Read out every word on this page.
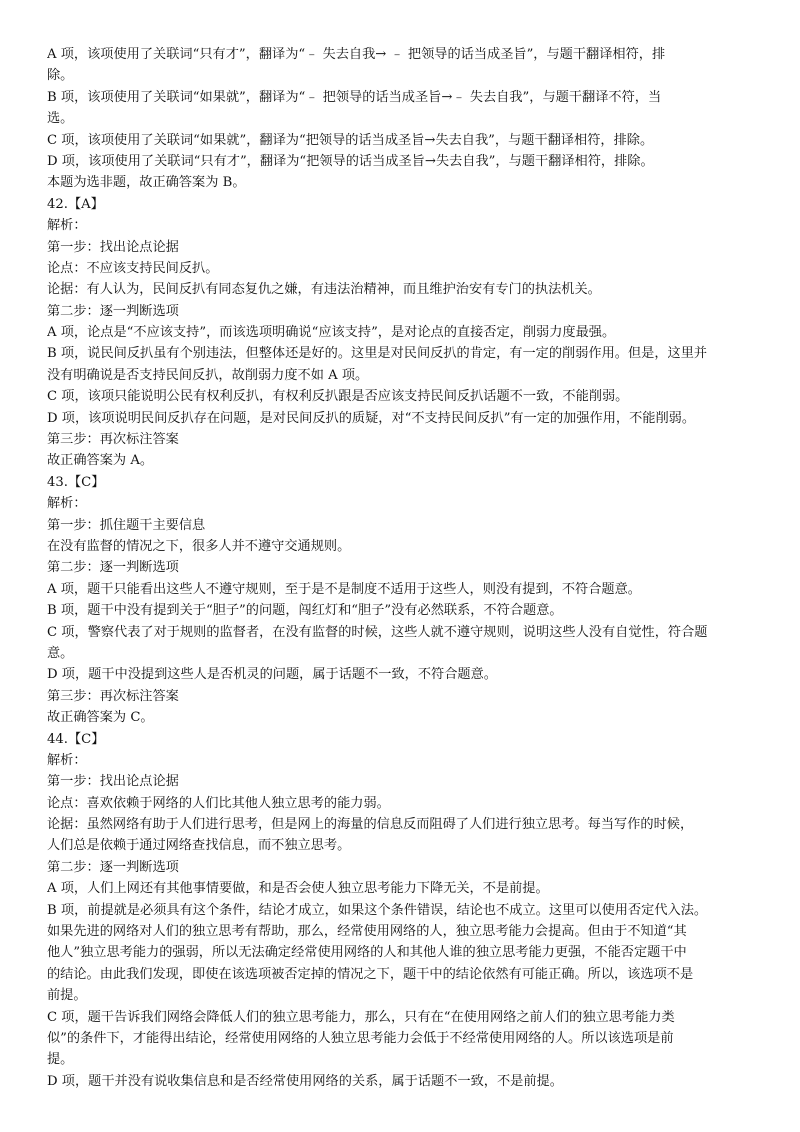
A 项，该项使用了关联词“只有才”，翻译为“﹣ 失去自我→ ﹣ 把领导的话当成圣旨”，与题干翻译相符，排
除。
B 项，该项使用了关联词“如果就”，翻译为“﹣ 把领导的话当成圣旨→﹣ 失去自我”，与题干翻译不符，当
选。
C 项，该项使用了关联词“如果就”，翻译为“把领导的话当成圣旨→失去自我”，与题干翻译相符，排除。
D 项，该项使用了关联词“只有才”，翻译为“把领导的话当成圣旨→失去自我”，与题干翻译相符，排除。
本题为选非题，故正确答案为 B。
42.【A】
解析：
第一步：找出论点论据
论点：不应该支持民间反扒。
论据：有人认为，民间反扒有同态复仇之嫌，有违法治精神，而且维护治安有专门的执法机关。
第二步：逐一判断选项
A 项，论点是“不应该支持”，而该选项明确说“应该支持”，是对论点的直接否定，削弱力度最强。
B 项，说民间反扒虽有个别违法，但整体还是好的。这里是对民间反扒的肯定，有一定的削弱作用。但是，这里并
没有明确说是否支持民间反扒，故削弱力度不如 A 项。
C 项，该项只能说明公民有权利反扒，有权利反扒跟是否应该支持民间反扒话题不一致，不能削弱。
D 项，该项说明民间反扒存在问题，是对民间反扒的质疑，对“不支持民间反扒”有一定的加强作用，不能削弱。
第三步：再次标注答案
故正确答案为 A。
43.【C】
解析：
第一步：抓住题干主要信息
在没有监督的情况之下，很多人并不遵守交通规则。
第二步：逐一判断选项
A 项，题干只能看出这些人不遵守规则，至于是不是制度不适用于这些人，则没有提到，不符合题意。
B 项，题干中没有提到关于“胆子”的问题，闯红灯和“胆子”没有必然联系，不符合题意。
C 项，警察代表了对于规则的监督者，在没有监督的时候，这些人就不遵守规则，说明这些人没有自觉性，符合题
意。
D 项，题干中没提到这些人是否机灵的问题，属于话题不一致，不符合题意。
第三步：再次标注答案
故正确答案为 C。
44.【C】
解析：
第一步：找出论点论据
论点：喜欢依赖于网络的人们比其他人独立思考的能力弱。
论据：虽然网络有助于人们进行思考，但是网上的海量的信息反而阻碍了人们进行独立思考。每当写作的时候，
人们总是依赖于通过网络查找信息，而不独立思考。
第二步：逐一判断选项
A 项，人们上网还有其他事情要做，和是否会使人独立思考能力下降无关，不是前提。
B 项，前提就是必须具有这个条件，结论才成立，如果这个条件错误，结论也不成立。这里可以使用否定代入法。
如果先进的网络对人们的独立思考有帮助，那么，经常使用网络的人，独立思考能力会提高。但由于不知道“其
他人”独立思考能力的强弱，所以无法确定经常使用网络的人和其他人谁的独立思考能力更强，不能否定题干中
的结论。由此我们发现，即使在该选项被否定掉的情况之下，题干中的结论依然有可能正确。所以，该选项不是
前提。
C 项，题干告诉我们网络会降低人们的独立思考能力，那么，只有在“在使用网络之前人们的独立思考能力类
似”的条件下，才能得出结论，经常使用网络的人独立思考能力会低于不经常使用网络的人。所以该选项是前
提。
D 项，题干并没有说收集信息和是否经常使用网络的关系，属于话题不一致，不是前提。
